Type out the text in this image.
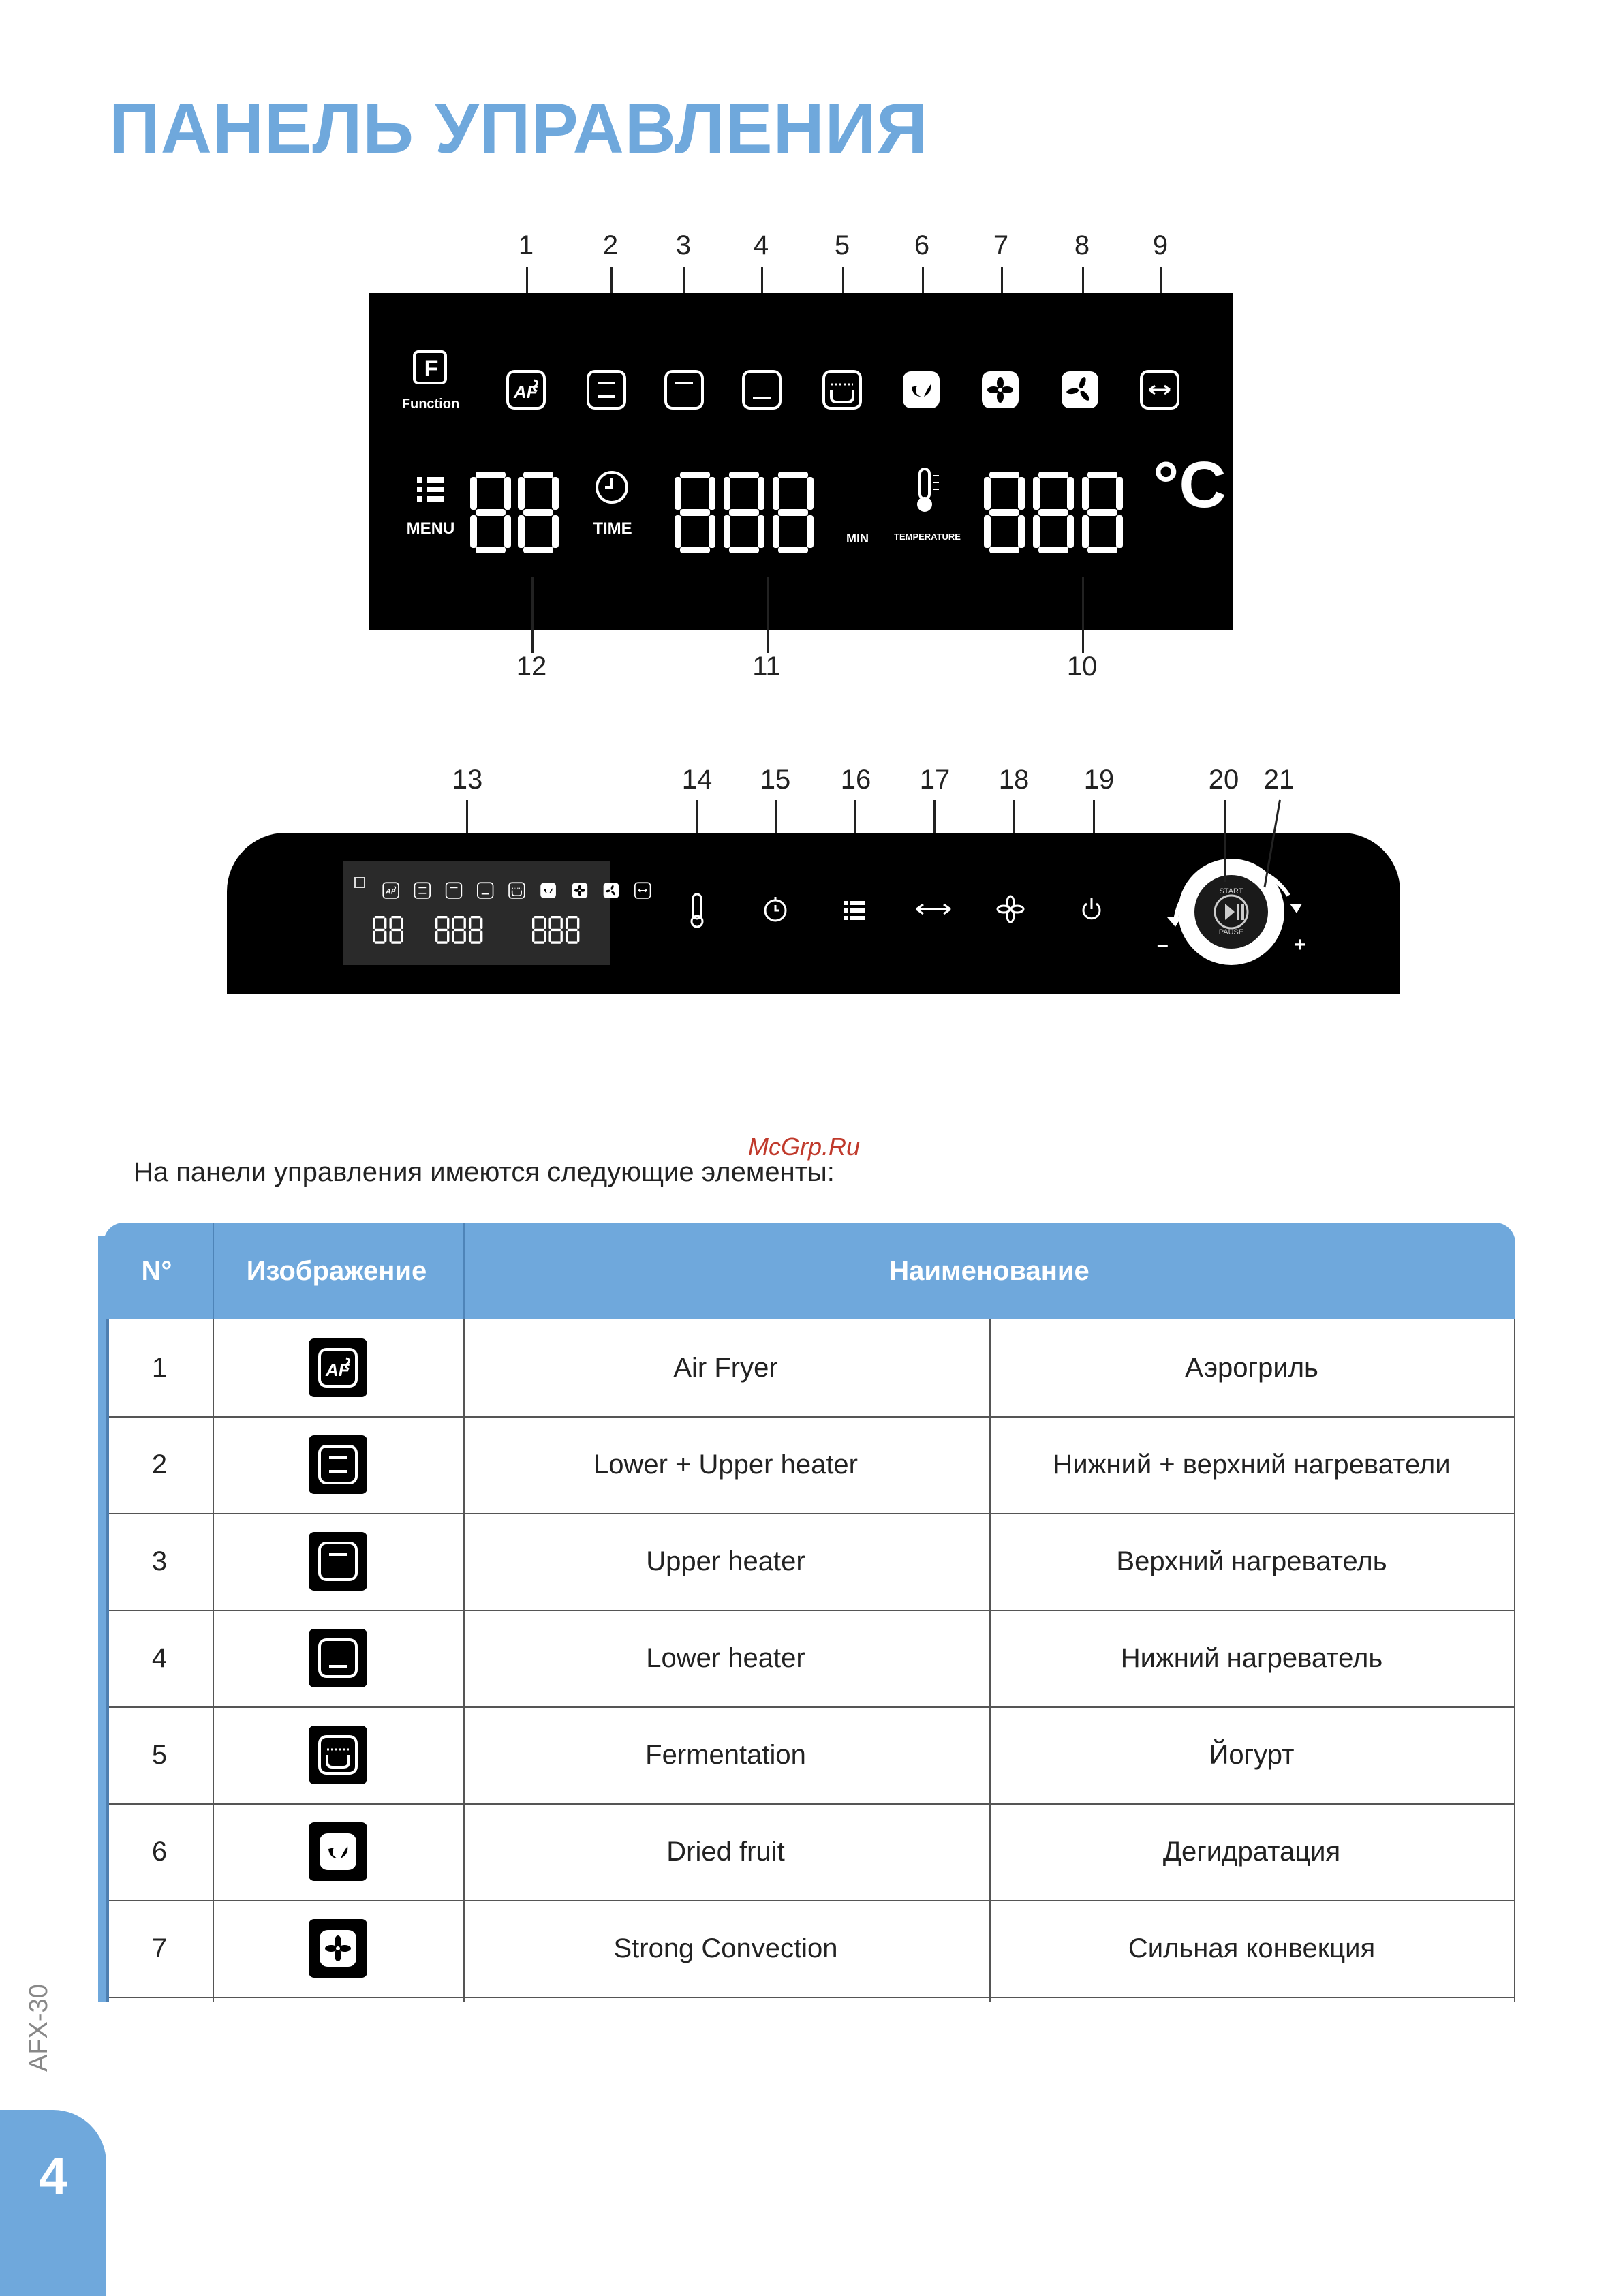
ПАНЕЛЬ УПРАВЛЕНИЯ
1	2 3 4 5 6 7 8 9
F
Function
MENU	TIME
MIN	TEMPERATURE
°C
12	11	10
13	14 15 16 17 18 19	20 21
START
PAUSE
–	+
McGrp.Ru
На панели управления имеются следующие элементы:
N°	Изображение	Наименование
1	Air Fryer	Аэрогриль
2	Lower + Upper heater	Нижний + верхний нагреватели
3	Upper heater	Верхний нагреватель
4	Lower heater	Нижний нагреватель
5	Fermentation	Йогурт
6	Dried fruit	Дегидратация
7	Strong Convection	Сильная конвекция
AFX-30
4
